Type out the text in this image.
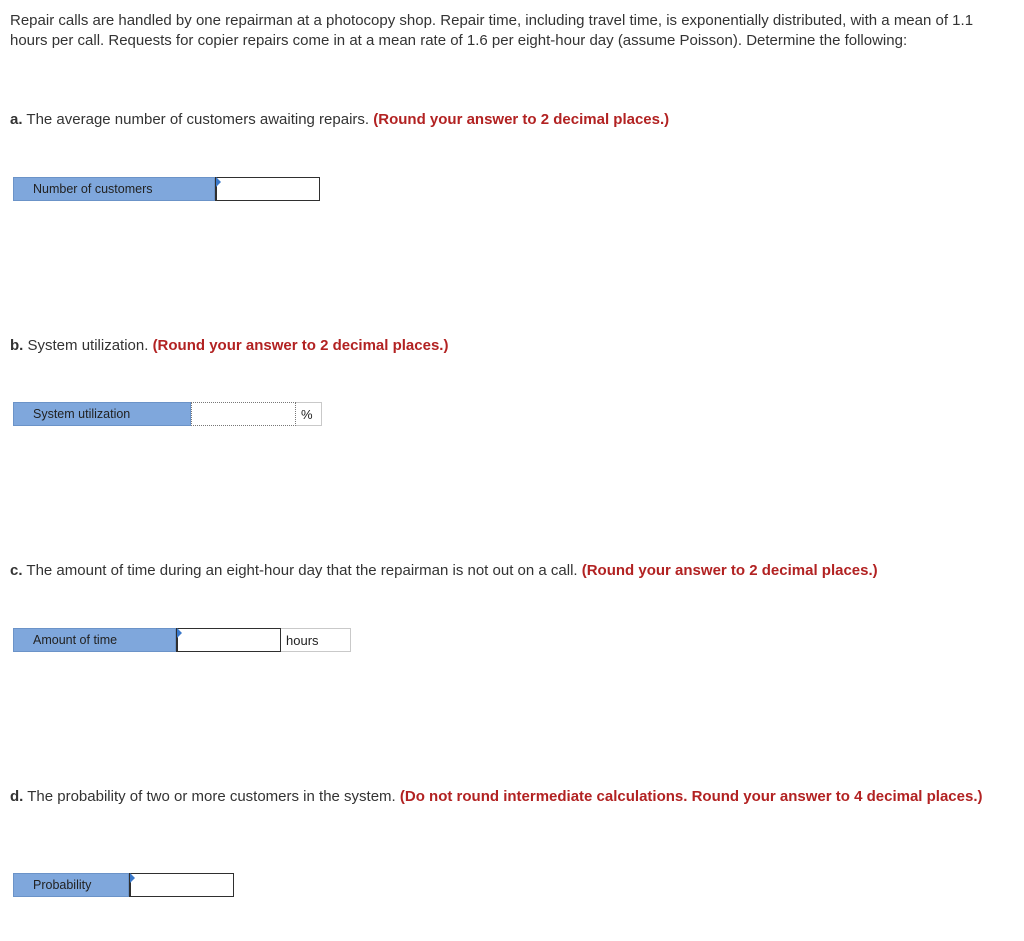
Repair calls are handled by one repairman at a photocopy shop. Repair time, including travel time, is exponentially distributed, with a mean of 1.1 hours per call. Requests for copier repairs come in at a mean rate of 1.6 per eight-hour day (assume Poisson). Determine the following:

a. The average number of customers awaiting repairs. (Round your answer to 2 decimal places.)

Number of customers

b. System utilization. (Round your answer to 2 decimal places.)

System utilization	%

c. The amount of time during an eight-hour day that the repairman is not out on a call. (Round your answer to 2 decimal places.)

Amount of time	hours

d. The probability of two or more customers in the system. (Do not round intermediate calculations. Round your answer to 4 decimal places.)

Probability
